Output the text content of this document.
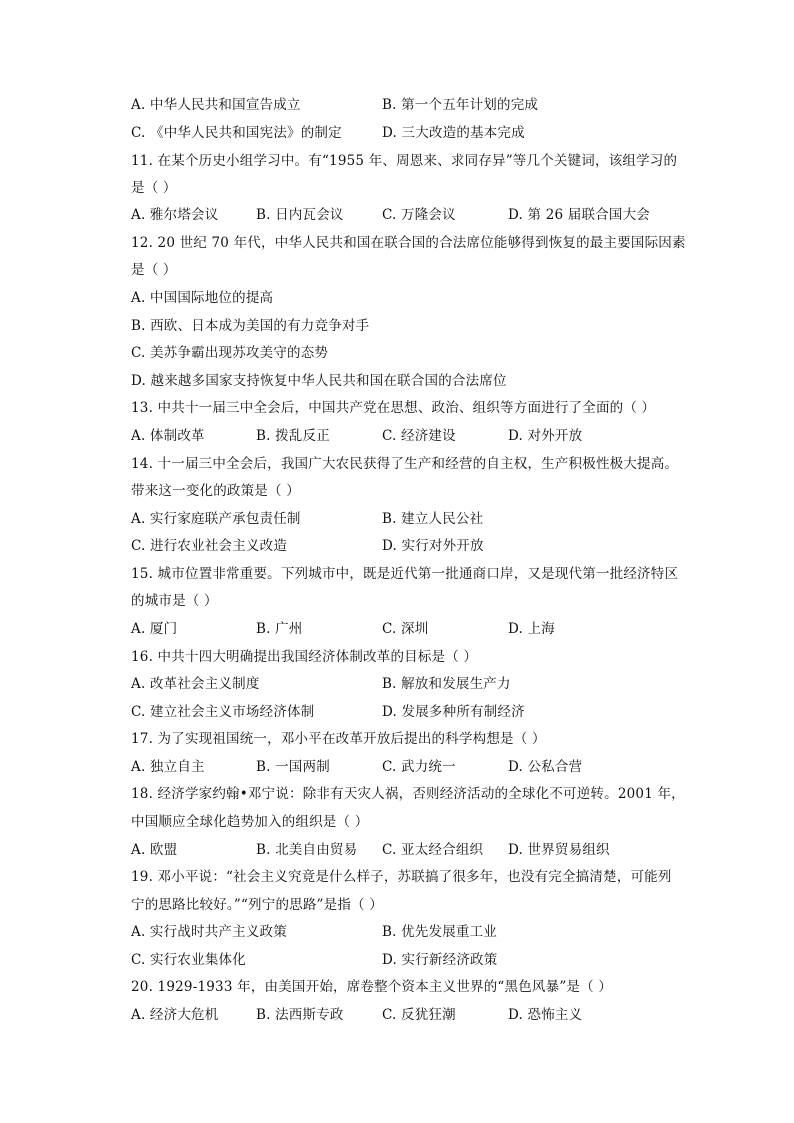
A. 中华人民共和国宣告成立	B. 第一个五年计划的完成
C. 《中华人民共和国宪法》的制定	D. 三大改造的基本完成
11. 在某个历史小组学习中。有“1955 年、周恩来、求同存异”等几个关键词，该组学习的
是（ ）
A. 雅尔塔会议	B. 日内瓦会议	C. 万隆会议	D. 第 26 届联合国大会
12. 20 世纪 70 年代，中华人民共和国在联合国的合法席位能够得到恢复的最主要国际因素
是（ ）
A. 中国国际地位的提高
B. 西欧、日本成为美国的有力竞争对手
C. 美苏争霸出现苏攻美守的态势
D. 越来越多国家支持恢复中华人民共和国在联合国的合法席位
13. 中共十一届三中全会后，中国共产党在思想、政治、组织等方面进行了全面的（ ）
A. 体制改革	B. 拨乱反正	C. 经济建设	D. 对外开放
14. 十一届三中全会后，我国广大农民获得了生产和经营的自主权，生产积极性极大提高。
带来这一变化的政策是（ ）
A. 实行家庭联产承包责任制	B. 建立人民公社
C. 进行农业社会主义改造	D. 实行对外开放
15. 城市位置非常重要。下列城市中，既是近代第一批通商口岸，又是现代第一批经济特区
的城市是（ ）
A. 厦门	B. 广州	C. 深圳	D. 上海
16. 中共十四大明确提出我国经济体制改革的目标是（ ）
A. 改革社会主义制度	B. 解放和发展生产力
C. 建立社会主义市场经济体制	D. 发展多种所有制经济
17. 为了实现祖国统一，邓小平在改革开放后提出的科学构想是（ ）
A. 独立自主	B. 一国两制	C. 武力统一	D. 公私合营
18. 经济学家约翰•邓宁说：除非有天灾人祸，否则经济活动的全球化不可逆转。2001 年，
中国顺应全球化趋势加入的组织是（ ）
A. 欧盟	B. 北美自由贸易 C. 亚太经合组织 D. 世界贸易组织
19. 邓小平说：“社会主义究竟是什么样子，苏联搞了很多年，也没有完全搞清楚，可能列
宁的思路比较好。”“列宁的思路”是指（ ）
A. 实行战时共产主义政策	B. 优先发展重工业
C. 实行农业集体化	D. 实行新经济政策
20. 1929-1933 年，由美国开始，席卷整个资本主义世界的“黑色风暴”是（ ）
A. 经济大危机	B. 法西斯专政	C. 反犹狂潮	D. 恐怖主义
